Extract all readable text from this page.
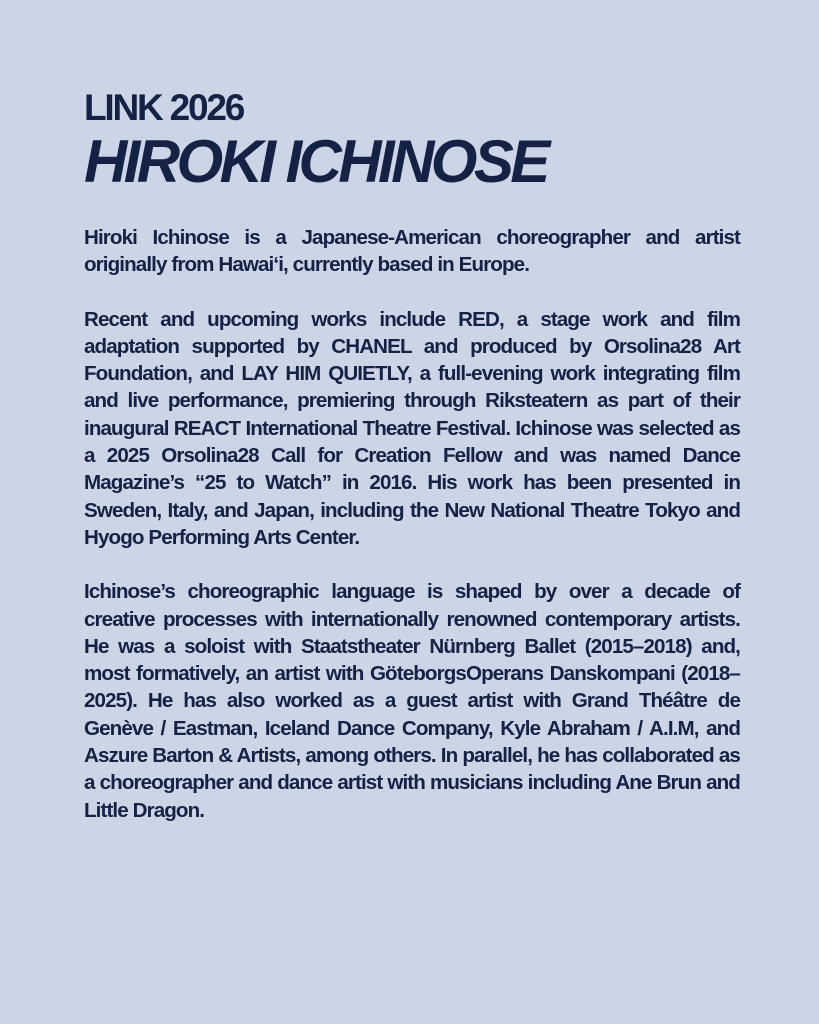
LINK 2026
HIROKI ICHINOSE

Hiroki Ichinose is a Japanese-American choreographer and artist originally from Hawai‘i, currently based in Europe.

Recent and upcoming works include RED, a stage work and film adaptation supported by CHANEL and produced by Orsolina28 Art Foundation, and LAY HIM QUIETLY, a full-evening work integrating film and live performance, premiering through Riksteatern as part of their inaugural REACT International Theatre Festival. Ichinose was selected as a 2025 Orsolina28 Call for Creation Fellow and was named Dance Magazine’s “25 to Watch” in 2016. His work has been presented in Sweden, Italy, and Japan, including the New National Theatre Tokyo and Hyogo Performing Arts Center.

Ichinose’s choreographic language is shaped by over a decade of creative processes with internationally renowned contemporary artists. He was a soloist with Staatstheater Nürnberg Ballet (2015–2018) and, most formatively, an artist with GöteborgsOperans Danskompani (2018–2025). He has also worked as a guest artist with Grand Théâtre de Genève / Eastman, Iceland Dance Company, Kyle Abraham / A.I.M, and Aszure Barton & Artists, among others. In parallel, he has collaborated as a choreographer and dance artist with musicians including Ane Brun and Little Dragon.
